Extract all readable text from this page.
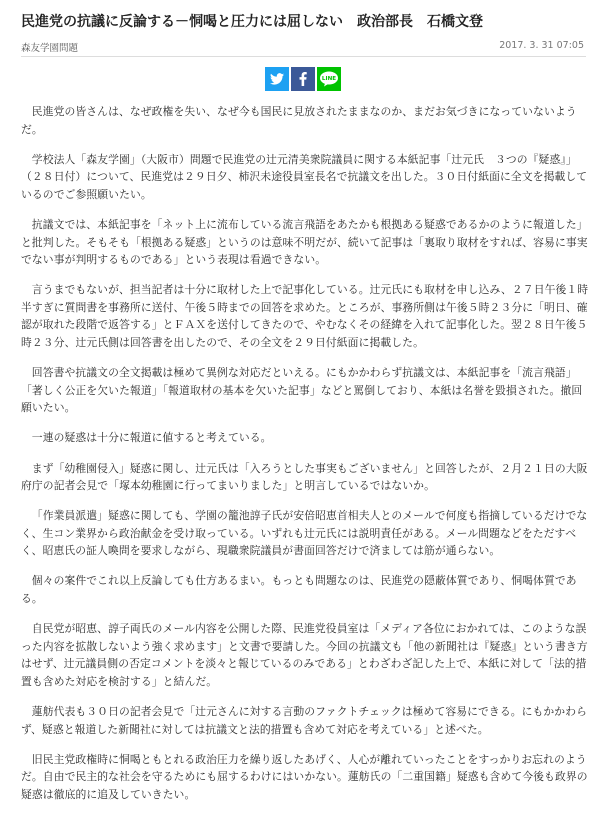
民進党の抗議に反論する－恫喝と圧力には屈しない　政治部長　石橋文登
森友学園問題	2017. 3. 31 07:05
LINE

民進党の皆さんは、なぜ政権を失い、なぜ今も国民に見放されたままなのか、まだお気づきになっていないようだ。

学校法人「森友学園」（大阪市）問題で民進党の辻元清美衆院議員に関する本紙記事「辻元氏　３つの『疑惑』」（２８日付）について、民進党は２９日夕、柿沢未途役員室長名で抗議文を出した。３０日付紙面に全文を掲載しているのでご参照願いたい。

抗議文では、本紙記事を「ネット上に流布している流言飛語をあたかも根拠ある疑惑であるかのように報道した」と批判した。そもそも「根拠ある疑惑」というのは意味不明だが、続いて記事は「裏取り取材をすれば、容易に事実でない事が判明するものである」という表現は看過できない。

言うまでもないが、担当記者は十分に取材した上で記事化している。辻元氏にも取材を申し込み、２７日午後１時半すぎに質問書を事務所に送付、午後５時までの回答を求めた。ところが、事務所側は午後５時２３分に「明日、確認が取れた段階で返答する」とＦＡＸを送付してきたので、やむなくその経緯を入れて記事化した。翌２８日午後５時２３分、辻元氏側は回答書を出したので、その全文を２９日付紙面に掲載した。

回答書や抗議文の全文掲載は極めて異例な対応だといえる。にもかかわらず抗議文は、本紙記事を「流言飛語」「著しく公正を欠いた報道」「報道取材の基本を欠いた記事」などと罵倒しており、本紙は名誉を毀損された。撤回願いたい。

一連の疑惑は十分に報道に値すると考えている。

まず「幼稚園侵入」疑惑に関し、辻元氏は「入ろうとした事実もございません」と回答したが、２月２１日の大阪府庁の記者会見で「塚本幼稚園に行ってまいりました」と明言しているではないか。

「作業員派遣」疑惑に関しても、学園の籠池諄子氏が安倍昭恵首相夫人とのメールで何度も指摘しているだけでなく、生コン業界から政治献金を受け取っている。いずれも辻元氏には説明責任がある。メール問題などをただすべく、昭恵氏の証人喚問を要求しながら、現職衆院議員が書面回答だけで済ましては筋が通らない。

個々の案件でこれ以上反論しても仕方あるまい。もっとも問題なのは、民進党の隠蔽体質であり、恫喝体質である。

自民党が昭恵、諄子両氏のメール内容を公開した際、民進党役員室は「メディア各位におかれては、このような誤った内容を拡散しないよう強く求めます」と文書で要請した。今回の抗議文も「他の新聞社は『疑惑』という書き方はせず、辻元議員側の否定コメントを淡々と報じているのみである」とわざわざ記した上で、本紙に対して「法的措置も含めた対応を検討する」と結んだ。

蓮舫代表も３０日の記者会見で「辻元さんに対する言動のファクトチェックは極めて容易にできる。にもかかわらず、疑惑と報道した新聞社に対しては抗議文と法的措置も含めて対応を考えている」と述べた。

旧民主党政権時に恫喝ともとれる政治圧力を繰り返したあげく、人心が離れていったことをすっかりお忘れのようだ。自由で民主的な社会を守るためにも屈するわけにはいかない。蓮舫氏の「二重国籍」疑惑も含めて今後も政界の疑惑は徹底的に追及していきたい。
